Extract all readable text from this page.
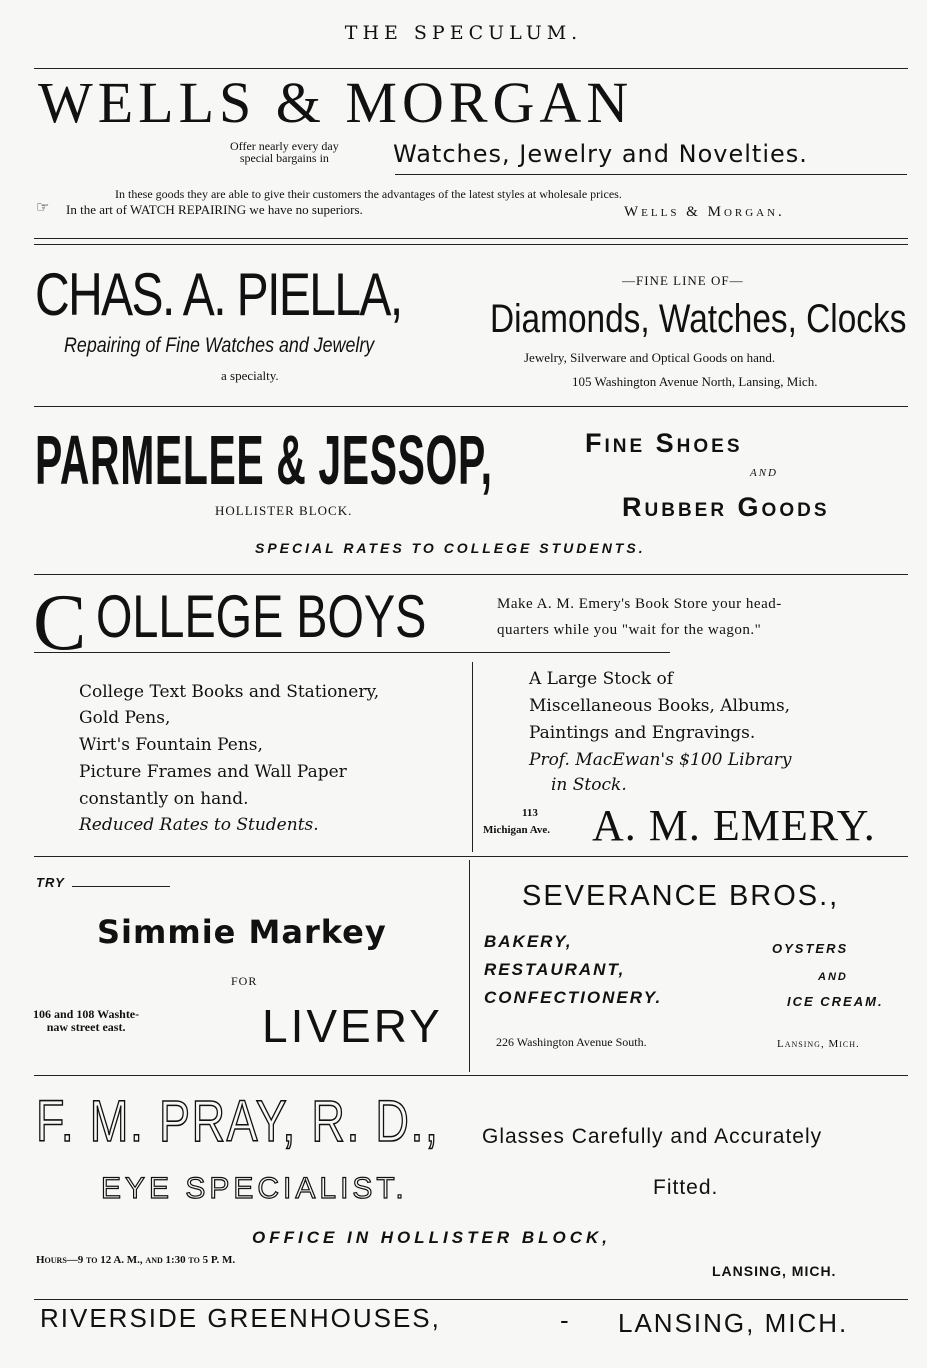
THE SPECULUM.
WELLS & MORGAN
Offer nearly every day
special bargains in	Watches, Jewelry and Novelties.
In these goods they are able to give their customers the advantages of the latest styles at wholesale prices.
☞ In the art of WATCH REPAIRING we have no superiors.	Wells & Morgan.
CHAS. A. PIELLA,
Repairing of Fine Watches and Jewelry
a specialty.
—FINE LINE OF—
Diamonds, Watches, Clocks
Jewelry, Silverware and Optical Goods on hand.
105 Washington Avenue North, Lansing, Mich.
PARMELEE & JESSOP,
HOLLISTER BLOCK.
Fine Shoes
AND
Rubber Goods
SPECIAL RATES TO COLLEGE STUDENTS.
C OLLEGE BOYS	Make A. M. Emery's Book Store your head-
quarters while you "wait for the wagon."
College Text Books and Stationery,
Gold Pens,
Wirt's Fountain Pens,
Picture Frames and Wall Paper
constantly on hand.
Reduced Rates to Students.
A Large Stock of
Miscellaneous Books, Albums,
Paintings and Engravings.
Prof. MacEwan's $100 Library
in Stock.
113
Michigan Ave. A. M. EMERY.
TRY
Simmie Markey
FOR
106 and 108 Washte-
naw street east.	LIVERY
SEVERANCE BROS.,
BAKERY,
RESTAURANT,
CONFECTIONERY.
OYSTERS
AND
ICE CREAM.
226 Washington Avenue South.	Lansing, Mich.
F. M. PRAY, R. D.,
EYE SPECIALIST.
Glasses Carefully and Accurately
Fitted.
OFFICE IN HOLLISTER BLOCK,
Hours—9 to 12 A. M., and 1:30 to 5 P. M.
LANSING, MICH.
RIVERSIDE GREENHOUSES,	- LANSING, MICH.
